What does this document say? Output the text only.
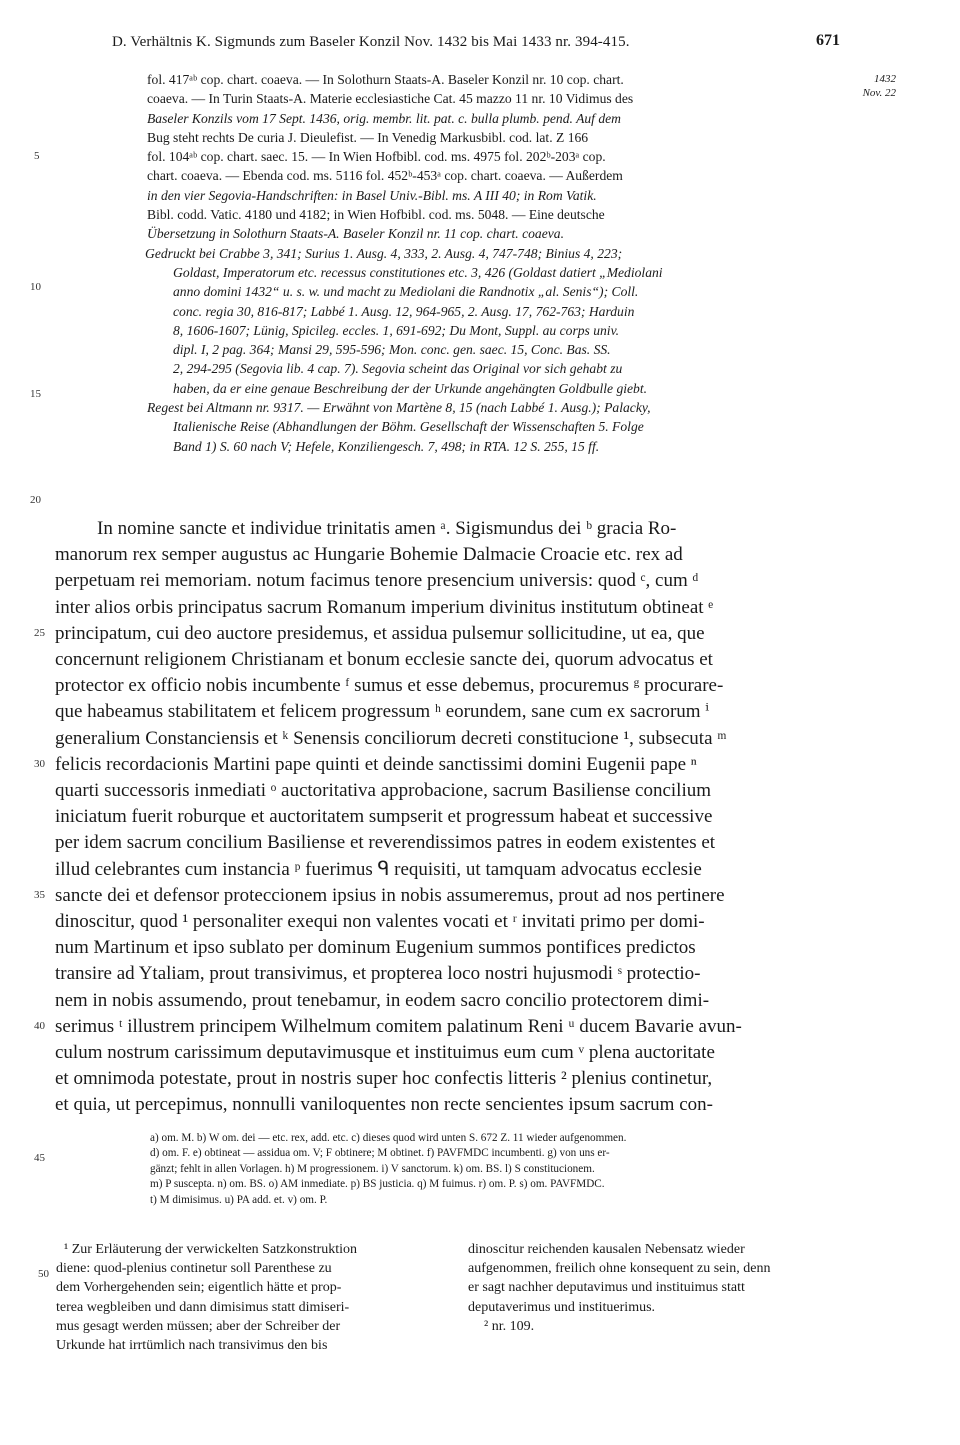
D. Verhältnis K. Sigmunds zum Baseler Konzil Nov. 1432 bis Mai 1433 nr. 394-415.	671
1432
Nov. 22
5
10
15
20
25
30
35
40
45
50
fol. 417ᵃᵇ cop. chart. coaeva. — In Solothurn Staats-A. Baseler Konzil nr. 10 cop. chart.
coaeva. — In Turin Staats-A. Materie ecclesiastiche Cat. 45 mazzo 11 nr. 10 Vidimus des
Baseler Konzils vom 17 Sept. 1436, orig. membr. lit. pat. c. bulla plumb. pend. Auf dem
Bug steht rechts De curia J. Dieulefist. — In Venedig Markusbibl. cod. lat. Z 166
fol. 104ᵃᵇ cop. chart. saec. 15. — In Wien Hofbibl. cod. ms. 4975 fol. 202ᵇ-203ᵃ cop.
chart. coaeva. — Ebenda cod. ms. 5116 fol. 452ᵇ-453ᵃ cop. chart. coaeva. — Außerdem
in den vier Segovia-Handschriften: in Basel Univ.-Bibl. ms. A III 40; in Rom Vatik.
Bibl. codd. Vatic. 4180 und 4182; in Wien Hofbibl. cod. ms. 5048. — Eine deutsche
Übersetzung in Solothurn Staats-A. Baseler Konzil nr. 11 cop. chart. coaeva.
Gedruckt bei Crabbe 3, 341; Surius 1. Ausg. 4, 333, 2. Ausg. 4, 747-748; Binius 4, 223;
Goldast, Imperatorum etc. recessus constitutiones etc. 3, 426 (Goldast datiert „Mediolani
anno domini 1432“ u. s. w. und macht zu Mediolani die Randnotix „al. Senis“); Coll.
conc. regia 30, 816-817; Labbé 1. Ausg. 12, 964-965, 2. Ausg. 17, 762-763; Harduin
8, 1606-1607; Lünig, Spicileg. eccles. 1, 691-692; Du Mont, Suppl. au corps univ.
dipl. I, 2 pag. 364; Mansi 29, 595-596; Mon. conc. gen. saec. 15, Conc. Bas. SS.
2, 294-295 (Segovia lib. 4 cap. 7). Segovia scheint das Original vor sich gehabt zu
haben, da er eine genaue Beschreibung der der Urkunde angehängten Goldbulle giebt.
Regest bei Altmann nr. 9317. — Erwähnt von Martène 8, 15 (nach Labbé 1. Ausg.); Palacky,
Italienische Reise (Abhandlungen der Böhm. Gesellschaft der Wissenschaften 5. Folge
Band 1) S. 60 nach V; Hefele, Konziliengesch. 7, 498; in RTA. 12 S. 255, 15 ff.
In nomine sancte et individue trinitatis amen ᵃ. Sigismundus dei ᵇ gracia Ro-
manorum rex semper augustus ac Hungarie Bohemie Dalmacie Croacie etc. rex ad
perpetuam rei memoriam. notum facimus tenore presencium universis: quod ᶜ, cum ᵈ
inter alios orbis principatus sacrum Romanum imperium divinitus institutum obtineat ᵉ
principatum, cui deo auctore presidemus, et assidua pulsemur sollicitudine, ut ea, que
concernunt religionem Christianam et bonum ecclesie sancte dei, quorum advocatus et
protector ex officio nobis incumbente ᶠ sumus et esse debemus, procuremus ᵍ procurare-
que habeamus stabilitatem et felicem progressum ʰ eorundem, sane cum ex sacrorum ⁱ
generalium Constanciensis et ᵏ Senensis conciliorum decreti constitucione ¹, subsecuta ᵐ
felicis recordacionis Martini pape quinti et deinde sanctissimi domini Eugenii pape ⁿ
quarti successoris inmediati ᵒ auctoritativa approbacione, sacrum Basiliense concilium
iniciatum fuerit roburque et auctoritatem sumpserit et progressum habeat et successive
per idem sacrum concilium Basiliense et reverendissimos patres in eodem existentes et
illud celebrantes cum instancia ᵖ fuerimus ᑫ requisiti, ut tamquam advocatus ecclesie
sancte dei et defensor proteccionem ipsius in nobis assumeremus, prout ad nos pertinere
dinoscitur, quod ¹ personaliter exequi non valentes vocati et ʳ invitati primo per domi-
num Martinum et ipso sublato per dominum Eugenium summos pontifices predictos
transire ad Ytaliam, prout transivimus, et propterea loco nostri hujusmodi ˢ protectio-
nem in nobis assumendo, prout tenebamur, in eodem sacro concilio protectorem dimi-
serimus ᵗ illustrem principem Wilhelmum comitem palatinum Reni ᵘ ducem Bavarie avun-
culum nostrum carissimum deputavimusque et instituimus eum cum ᵛ plena auctoritate
et omnimoda potestate, prout in nostris super hoc confectis litteris ² plenius continetur,
et quia, ut percepimus, nonnulli vaniloquentes non recte sencientes ipsum sacrum con-
a) om. M. b) W om. dei — etc. rex, add. etc. c) dieses quod wird unten S. 672 Z. 11 wieder aufgenommen.
d) om. F. e) obtineat — assidua om. V; F obtinere; M obtinet. f) PAVFMDC incumbenti. g) von uns er-
gänzt; fehlt in allen Vorlagen. h) M progressionem. i) V sanctorum. k) om. BS. l) S constitucionem.
m) P suscepta. n) om. BS. o) AM inmediate. p) BS justicia. q) M fuimus. r) om. P. s) om. PAVFMDC.
t) M dimisimus. u) PA add. et. v) om. P.
¹ Zur Erläuterung der verwickelten Satzkonstruktion
diene: quod-plenius continetur soll Parenthese zu
dem Vorhergehenden sein; eigentlich hätte et prop-
terea wegbleiben und dann dimisimus statt dimiseri-
mus gesagt werden müssen; aber der Schreiber der
Urkunde hat irrtümlich nach transivimus den bis
dinoscitur reichenden kausalen Nebensatz wieder
aufgenommen, freilich ohne konsequent zu sein, denn
er sagt nachher deputavimus und instituimus statt
deputaverimus und instituerimus.
² nr. 109.
